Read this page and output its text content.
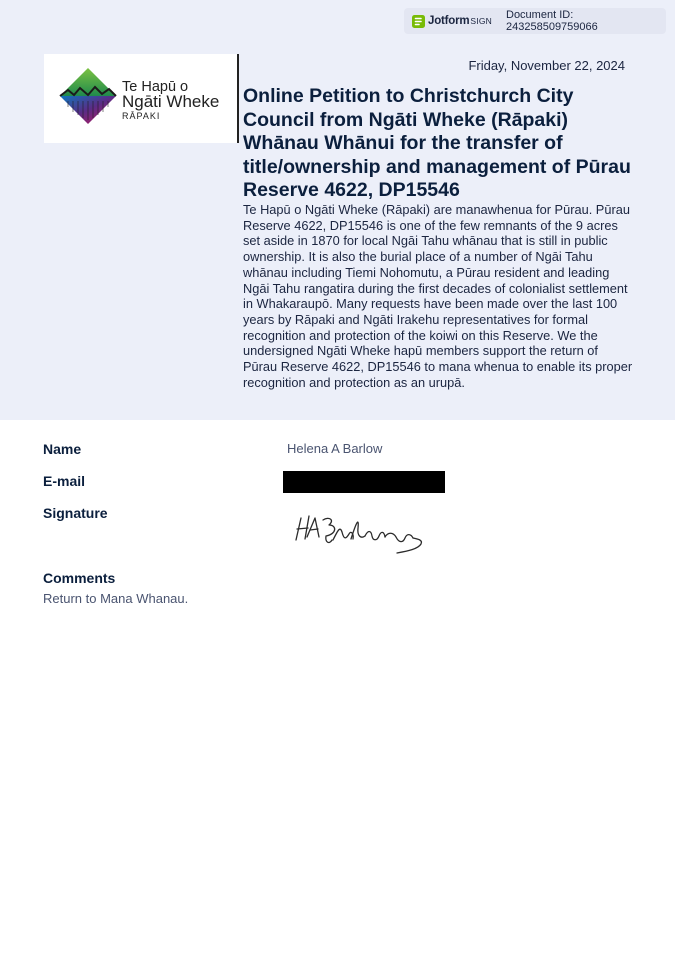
Jotform SIGN Document ID: 243258509759066
Te Hapū o
Ngāti Wheke
RĀPAKI
Friday, November 22, 2024
Online Petition to Christchurch City Council from Ngāti Wheke (Rāpaki) Whānau Whānui for the transfer of title/ownership and management of Pūrau Reserve 4622, DP15546
Te Hapū o Ngāti Wheke (Rāpaki) are manawhenua for Pūrau. Pūrau Reserve 4622, DP15546 is one of the few remnants of the 9 acres set aside in 1870 for local Ngāi Tahu whānau that is still in public ownership. It is also the burial place of a number of Ngāi Tahu whānau including Tiemi Nohomutu, a Pūrau resident and leading Ngāi Tahu rangatira during the first decades of colonialist settlement in Whakaraupō. Many requests have been made over the last 100 years by Rāpaki and Ngāti Irakehu representatives for formal recognition and protection of the koiwi on this Reserve. We the undersigned Ngāti Wheke hapū members support the return of Pūrau Reserve 4622, DP15546 to mana whenua to enable its proper recognition and protection as an urupā.
Name	Helena A Barlow
E-mail
Signature
Comments
Return to Mana Whanau.
